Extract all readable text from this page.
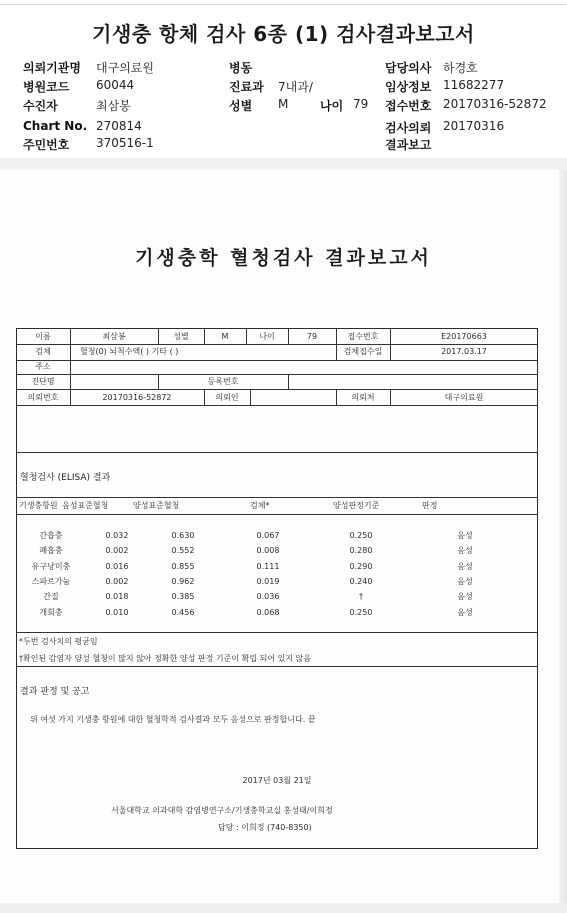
기생충 항체 검사 6종 (1) 검사결과보고서
의뢰기관명 대구의료원
병원코드 60044
수진자	최삼봉
Chart No. 270814
주민번호 370516-1
병동
진료과 7내과/
성별 M	나이 79
담당의사 하경호
임상정보 11682277
접수번호 20170316-52872
검사의뢰 20170316
결과보고
기생충학 혈청검사 결과보고서
이름	최삼봉	성별	M	나이	79	접수번호	E20170663
검체	혈청(0) 뇌척수액( ) 기타 ( )	검체접수일	2017.03.17
주소
진단명	등록번호
의뢰번호	20170316-52872	의뢰인	의뢰처	대구의료원
혈청검사 (ELISA) 결과
기생충항원 음성표준혈청	양성표준혈청	검체*	양성판정기준	판정
간흡충	0.032	0.630	0.067	0.250	음성
폐흡충	0.002	0.552	0.008	0.280	음성
유구낭미충	0.016	0.855	0.111	0.290	음성
스파르가눔	0.002	0.962	0.019	0.240	음성
간질	0.018	0.385	0.036	†	음성
개회충	0.010	0.456	0.068	0.250	음성
*두번 검사치의 평균임
†확인된 감염자 양성 혈청이 많지 않아 정확한 양성 판정 기준이 확립 되어 있지 않음
결과 판정 및 공고
위 여섯 가지 기생충 항원에 대한 혈청학적 검사결과 모두 음성으로 판정합니다. 끝
2017년 03월 21일
서울대학교 의과대학 감염병연구소/기생충학교실 홍성태/이희정
담당 : 이희정 (740-8350)
